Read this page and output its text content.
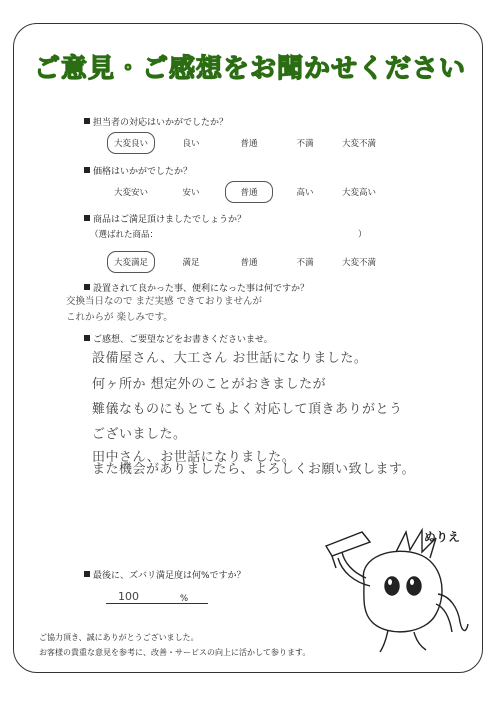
ご意見・ご感想をお聞かせください
担当者の対応はいかがでしたか？
大変良い	良い	普通	不満	大変不満
価格はいかがでしたか？
大変安い	安い	普通	高い	大変高い
商品はご満足頂けましたでしょうか？
（選ばれた商品：	）
大変満足	満足	普通	不満	大変不満
設置されて良かった事、便利になった事は何ですか？
交換当日なので まだ実感 できておりませんが
これからが 楽しみです。
ご感想、ご要望などをお書きくださいませ。
設備屋さん、大工さん お世話になりました。
何ヶ所か 想定外のことがおきましたが
難儀なものにもとてもよく対応して頂きありがとう
ございました。
田中さん、お世話になりました。
また機会がありましたら、よろしくお願い致します。
最後に、ズバリ満足度は何%ですか？
100	%
ご協力頂き、誠にありがとうございました。
お客様の貴重な意見を参考に、改善・サービスの向上に活かして参ります。
ぬりえ
